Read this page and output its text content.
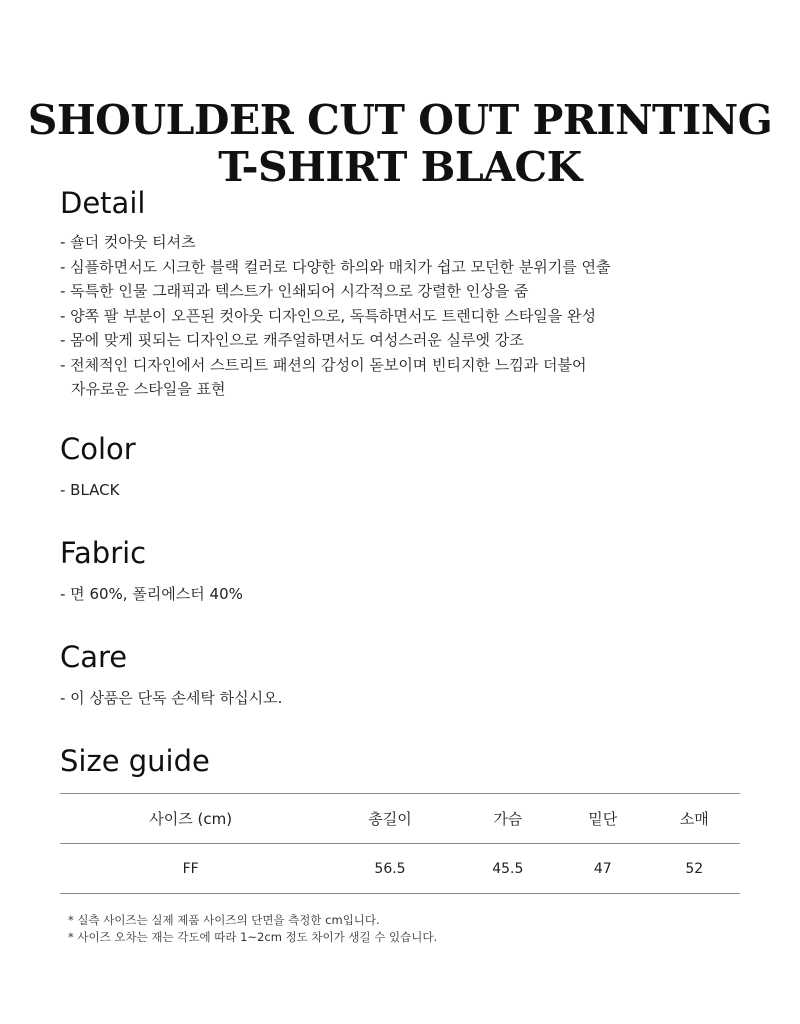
SHOULDER CUT OUT PRINTING
T-SHIRT BLACK
Detail
- 숄더 컷아웃 티셔츠
- 심플하면서도 시크한 블랙 컬러로 다양한 하의와 매치가 쉽고 모던한 분위기를 연출
- 독특한 인물 그래픽과 텍스트가 인쇄되어 시각적으로 강렬한 인상을 줌
- 양쪽 팔 부분이 오픈된 컷아웃 디자인으로, 독특하면서도 트렌디한 스타일을 완성
- 몸에 맞게 핏되는 디자인으로 캐주얼하면서도 여성스러운 실루엣 강조
- 전체적인 디자인에서 스트리트 패션의 감성이 돋보이며 빈티지한 느낌과 더불어
자유로운 스타일을 표현
Color
- BLACK
Fabric
- 면 60%, 폴리에스터 40%
Care
- 이 상품은 단독 손세탁 하십시오.
Size guide
사이즈 (cm)	총길이	가슴	밑단	소매
FF	56.5	45.5	47	52
* 실측 사이즈는 실제 제품 사이즈의 단면을 측정한 cm입니다.
* 사이즈 오차는 재는 각도에 따라 1~2cm 정도 차이가 생길 수 있습니다.
